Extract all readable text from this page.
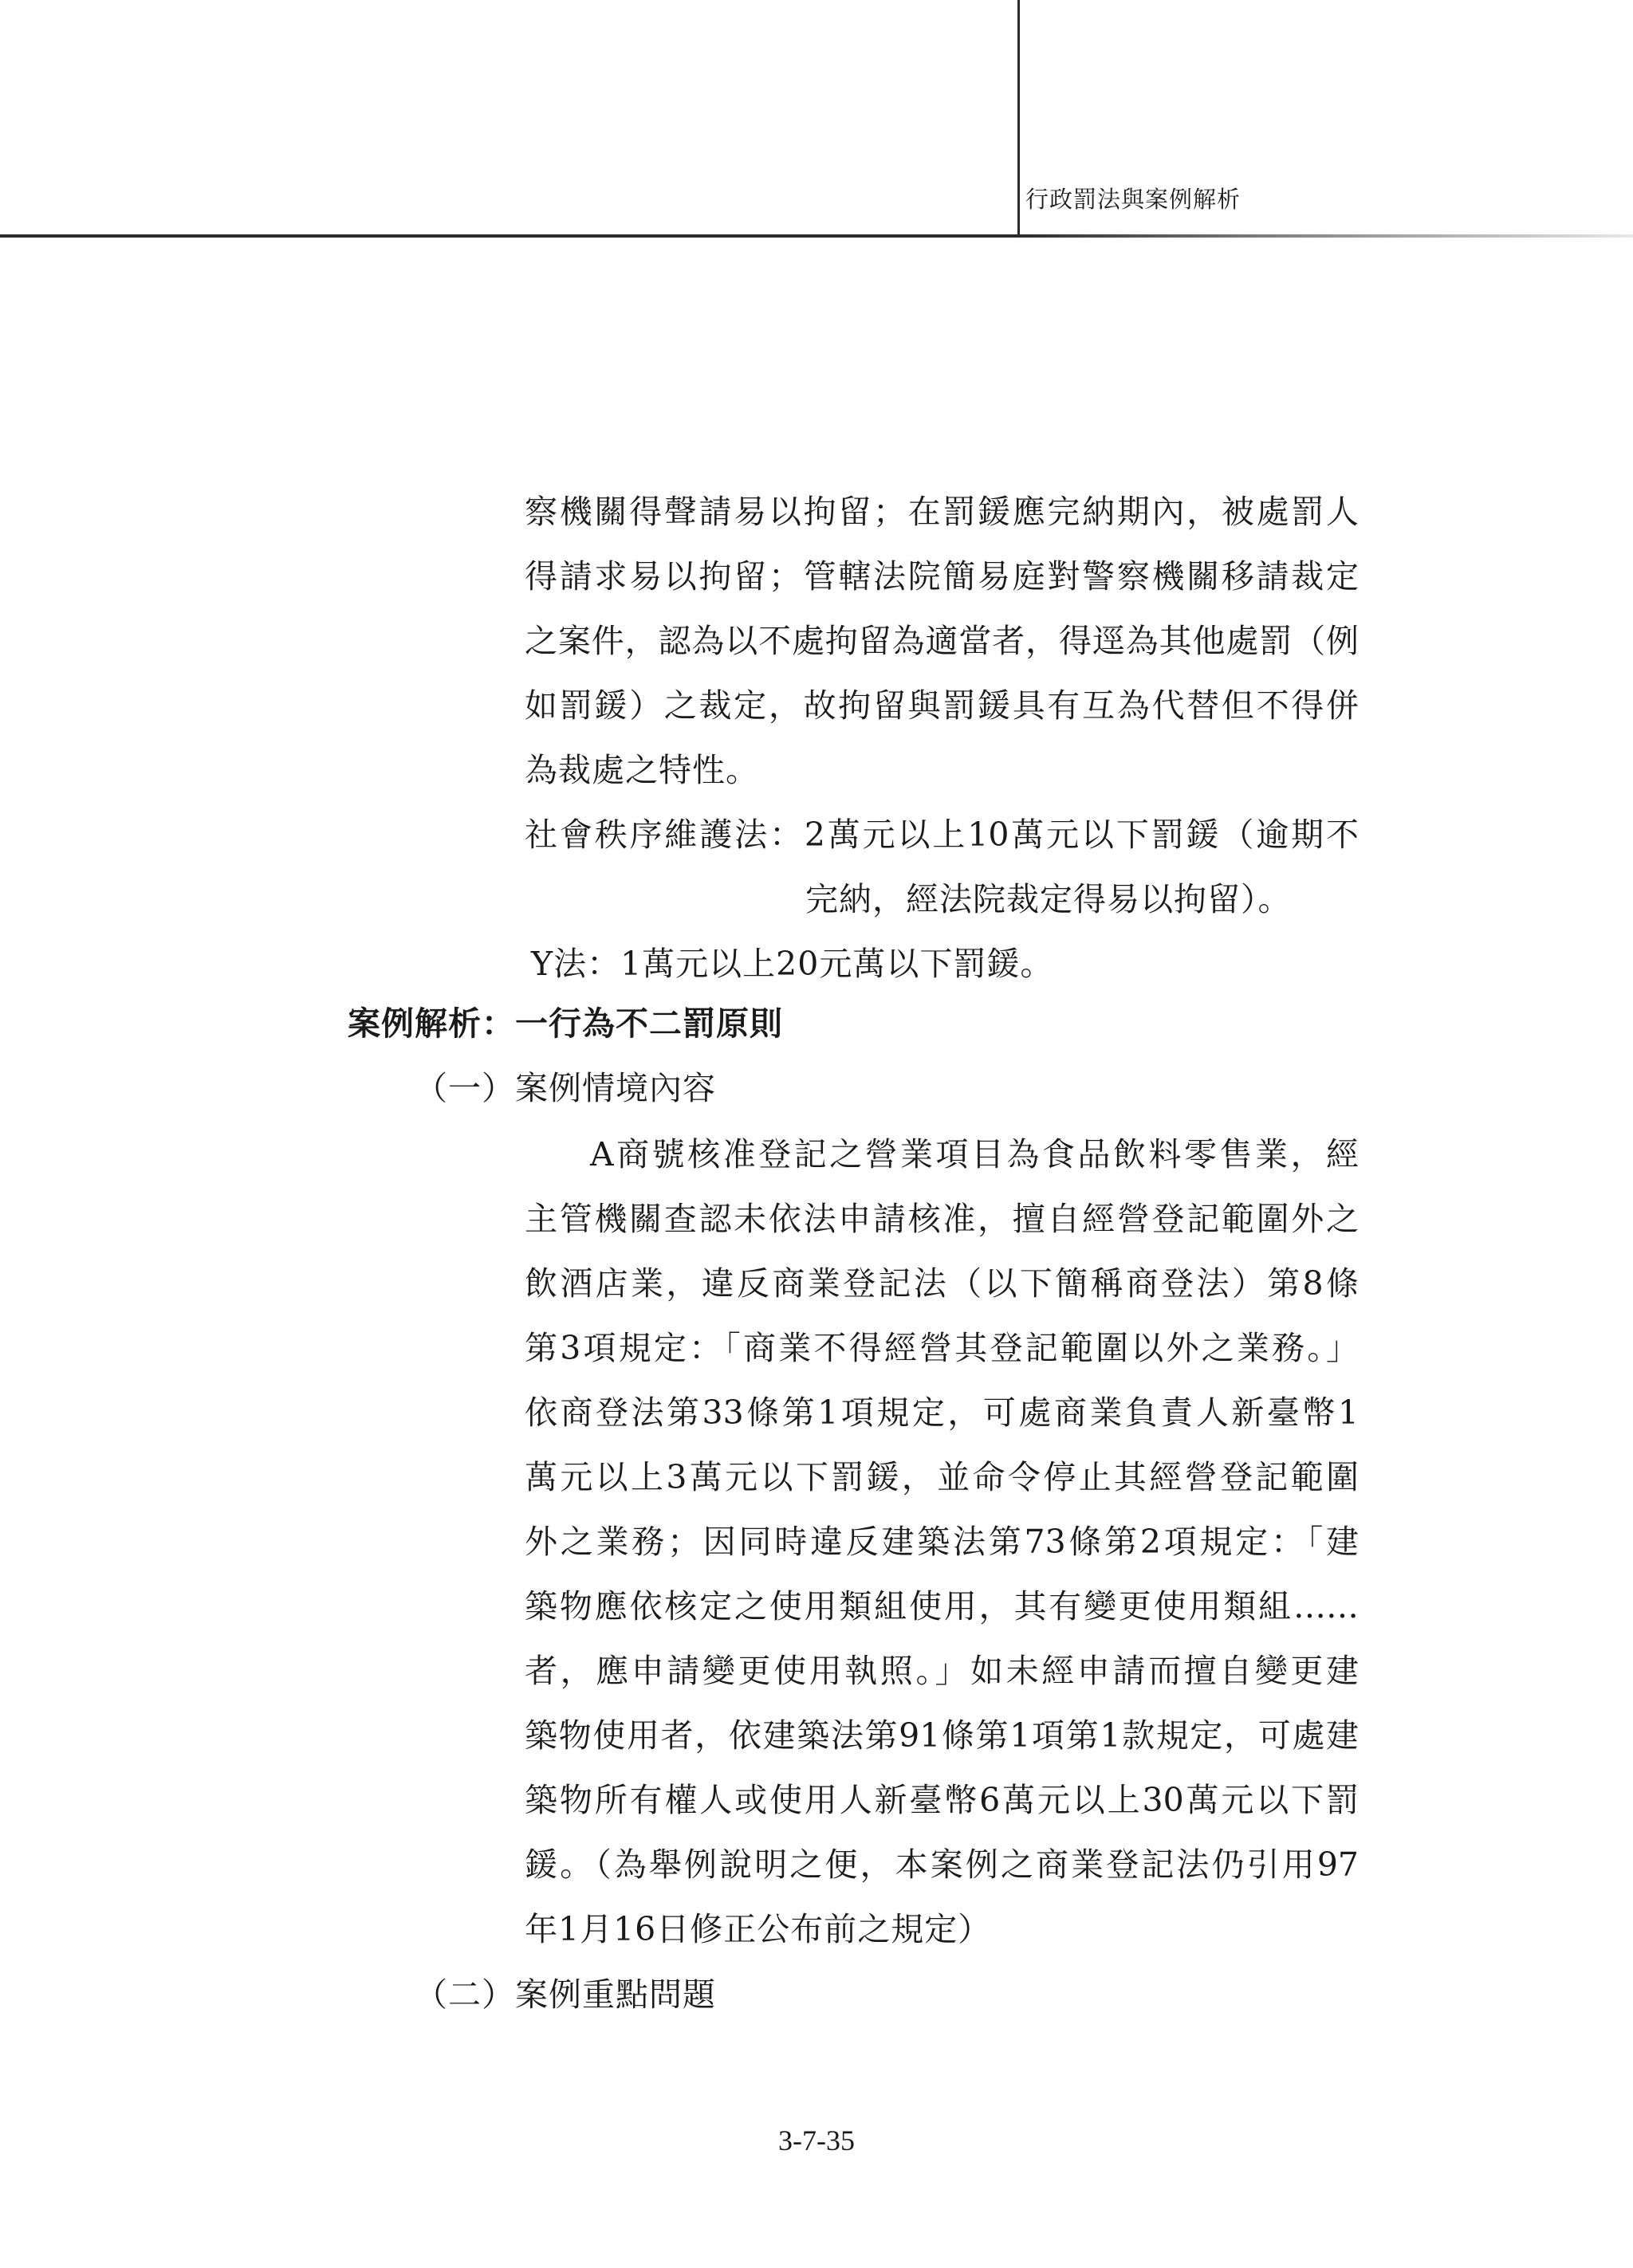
行政罰法與案例解析
察機關得聲請易以拘留；在罰鍰應完納期內，被處罰人
得請求易以拘留；管轄法院簡易庭對警察機關移請裁定
之案件，認為以不處拘留為適當者，得逕為其他處罰（例
如罰鍰）之裁定，故拘留與罰鍰具有互為代替但不得併
為裁處之特性。
社會秩序維護法：2萬元以上10萬元以下罰鍰（逾期不
完納，經法院裁定得易以拘留）。
Y法：1萬元以上20元萬以下罰鍰。
案例解析：一行為不二罰原則
（一）案例情境內容
A商號核准登記之營業項目為食品飲料零售業，經
主管機關查認未依法申請核准，擅自經營登記範圍外之
飲酒店業，違反商業登記法（以下簡稱商登法）第8條
第3項規定：「商業不得經營其登記範圍以外之業務。」
依商登法第33條第1項規定，可處商業負責人新臺幣1
萬元以上3萬元以下罰鍰，並命令停止其經營登記範圍
外之業務；因同時違反建築法第73條第2項規定：「建
築物應依核定之使用類組使用，其有變更使用類組……
者，應申請變更使用執照。」如未經申請而擅自變更建
築物使用者，依建築法第91條第1項第1款規定，可處建
築物所有權人或使用人新臺幣6萬元以上30萬元以下罰
鍰。（為舉例說明之便，本案例之商業登記法仍引用97
年1月16日修正公布前之規定）
（二）案例重點問題
3-7-35
